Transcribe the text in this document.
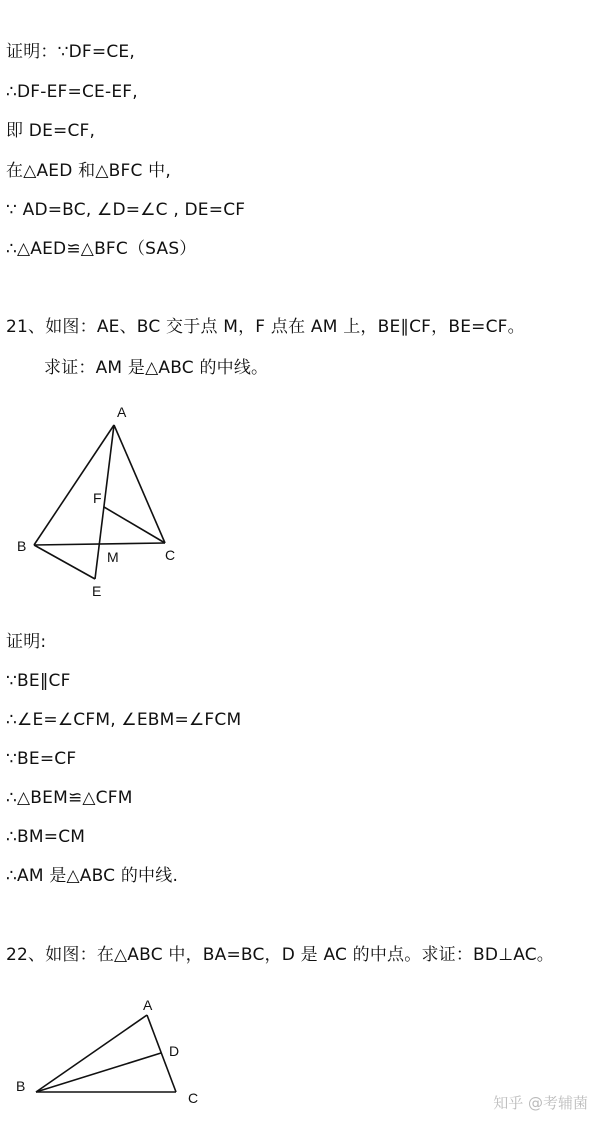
证明：∵DF=CE,
∴DF-EF=CE-EF,
即 DE=CF,
在△AED 和△BFC 中,
∵ AD=BC, ∠D=∠C , DE=CF
∴△AED≌△BFC（SAS）
21、如图：AE、BC 交于点 M，F 点在 AM 上，BE∥CF，BE=CF。
求证：AM 是△ABC 的中线。
A
B
C
E
F
M
A
B
C
D
证明:
∵BE‖CF
∴∠E=∠CFM, ∠EBM=∠FCM
∵BE=CF
∴△BEM≌△CFM
∴BM=CM
∴AM 是△ABC 的中线.
22、如图：在△ABC 中，BA=BC，D 是 AC 的中点。求证：BD⊥AC。
知乎 @考辅菌
